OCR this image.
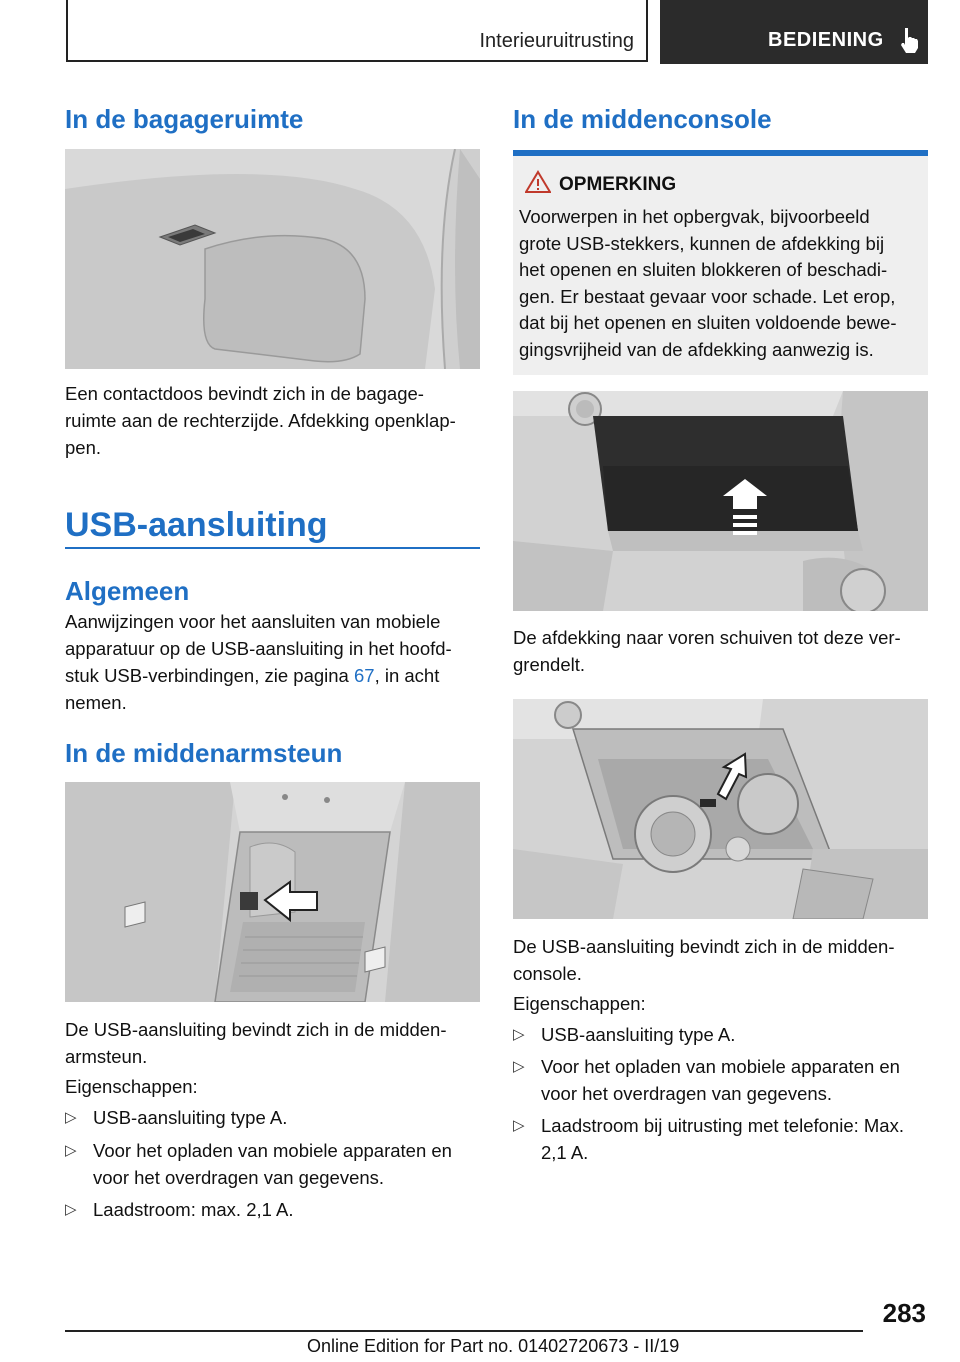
Interieuruitrusting	BEDIENING
In de bagageruimte

Een contactdoos bevindt zich in de bagage-
ruimte aan de rechterzijde. Afdekking openklap-
pen.

USB-aansluiting
Algemeen

Aanwijzingen voor het aansluiten van mobiele
apparatuur op de USB-aansluiting in het hoofd-
stuk USB-verbindingen, zie pagina 67, in acht
nemen.

In de middenarmsteun

De USB-aansluiting bevindt zich in de midden-
armsteun.

Eigenschappen:

▷ USB-aansluiting type A.
▷ Voor het opladen van mobiele apparaten en
voor het overdragen van gegevens.
▷ Laadstroom: max. 2,1 A.
In de middenconsole
OPMERKING
Voorwerpen in het opbergvak, bijvoorbeeld
grote USB-stekkers, kunnen de afdekking bij
het openen en sluiten blokkeren of beschadi-
gen. Er bestaat gevaar voor schade. Let erop,
dat bij het openen en sluiten voldoende bewe-
gingsvrijheid van de afdekking aanwezig is.

De afdekking naar voren schuiven tot deze ver-
grendelt.

De USB-aansluiting bevindt zich in de midden-
console.

Eigenschappen:

▷ USB-aansluiting type A.
▷ Voor het opladen van mobiele apparaten en
voor het overdragen van gegevens.
▷ Laadstroom bij uitrusting met telefonie: Max.
2,1 A.
283
Online Edition for Part no. 01402720673 - II/19
